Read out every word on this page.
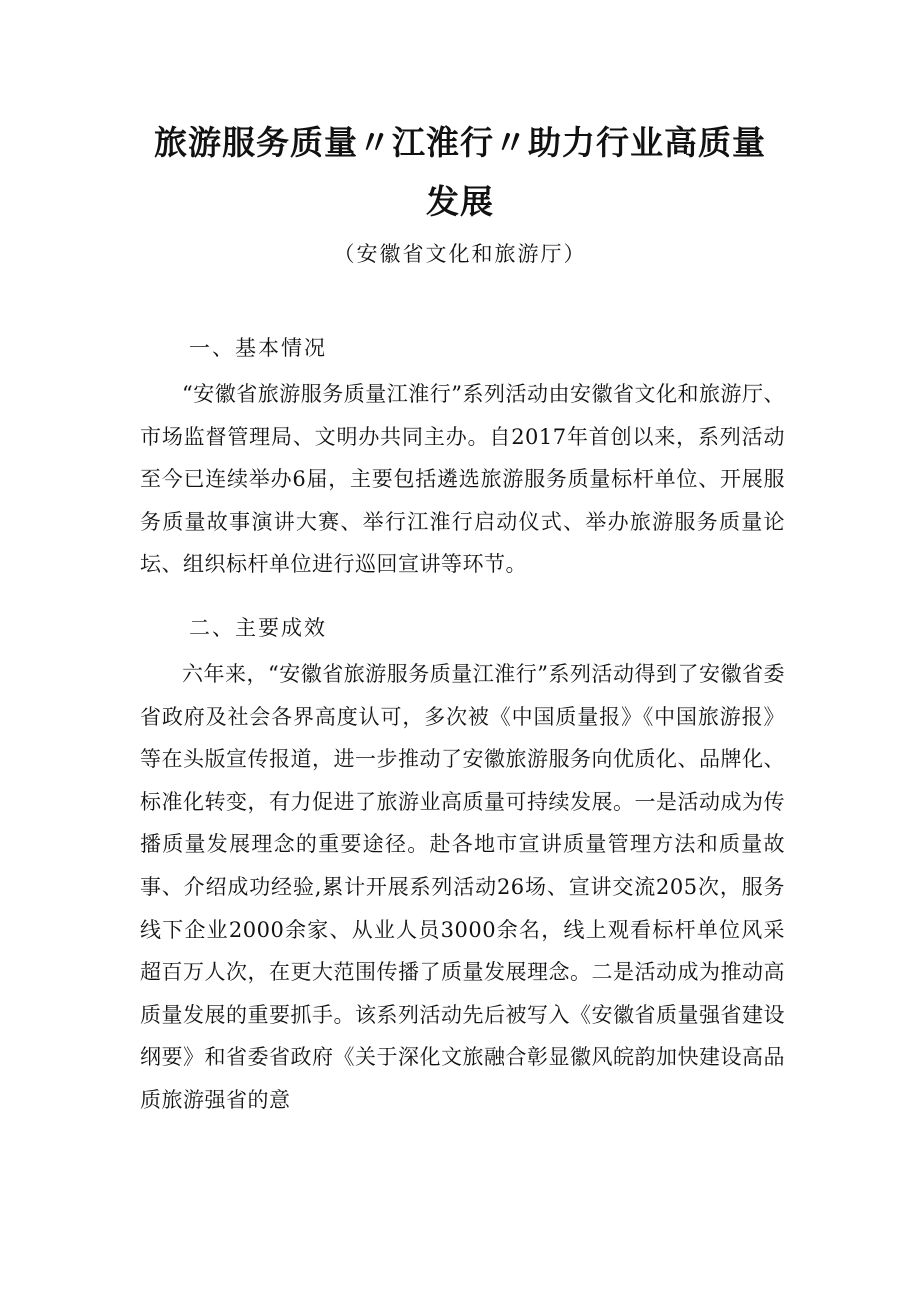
旅游服务质量〃江淮行〃助力行业高质量
发展
（安徽省文化和旅游厅）
一、基本情况
“安徽省旅游服务质量江淮行”系列活动由安徽省文化和旅游厅、市场监督管理局、文明办共同主办。自2017年首创以来，系列活动至今已连续举办6届，主要包括遴选旅游服务质量标杆单位、开展服务质量故事演讲大赛、举行江淮行启动仪式、举办旅游服务质量论坛、组织标杆单位进行巡回宣讲等环节。
二、主要成效
六年来，“安徽省旅游服务质量江淮行”系列活动得到了安徽省委省政府及社会各界高度认可，多次被《中国质量报》《中国旅游报》等在头版宣传报道，进一步推动了安徽旅游服务向优质化、品牌化、标准化转变，有力促进了旅游业高质量可持续发展。一是活动成为传播质量发展理念的重要途径。赴各地市宣讲质量管理方法和质量故事、介绍成功经验,累计开展系列活动26场、宣讲交流205次，服务线下企业2000余家、从业人员3000余名，线上观看标杆单位风采超百万人次，在更大范围传播了质量发展理念。二是活动成为推动高质量发展的重要抓手。该系列活动先后被写入《安徽省质量强省建设纲要》和省委省政府《关于深化文旅融合彰显徽风皖韵加快建设高品质旅游强省的意
